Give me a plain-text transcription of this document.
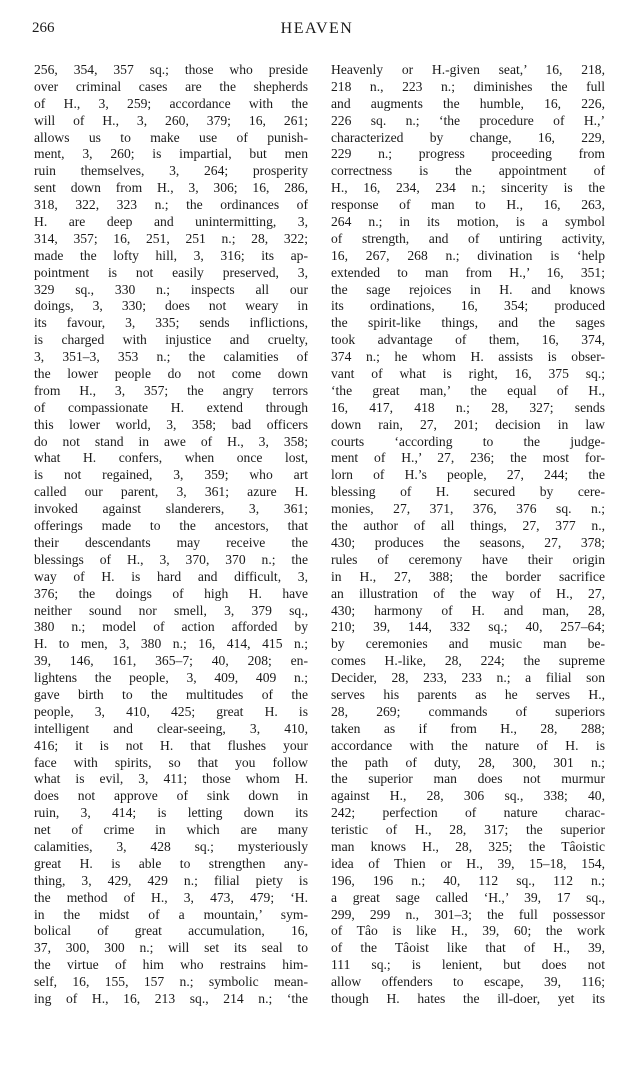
266	HEAVEN
256, 354, 357 sq.; those who preside
over criminal cases are the shepherds
of H., 3, 259; accordance with the
will of H., 3, 260, 379; 16, 261;
allows us to make use of punish-
ment, 3, 260; is impartial, but men
ruin themselves, 3, 264; prosperity
sent down from H., 3, 306; 16, 286,
318, 322, 323 n.; the ordinances of
H. are deep and unintermitting, 3,
314, 357; 16, 251, 251 n.; 28, 322;
made the lofty hill, 3, 316; its ap-
pointment is not easily preserved, 3,
329 sq., 330 n.; inspects all our
doings, 3, 330; does not weary in
its favour, 3, 335; sends inflictions,
is charged with injustice and cruelty,
3, 351–3, 353 n.; the calamities of
the lower people do not come down
from H., 3, 357; the angry terrors
of compassionate H. extend through
this lower world, 3, 358; bad officers
do not stand in awe of H., 3, 358;
what H. confers, when once lost,
is not regained, 3, 359; who art
called our parent, 3, 361; azure H.
invoked against slanderers, 3, 361;
offerings made to the ancestors, that
their descendants may receive the
blessings of H., 3, 370, 370 n.; the
way of H. is hard and difficult, 3,
376; the doings of high H. have
neither sound nor smell, 3, 379 sq.,
380 n.; model of action afforded by
H. to men, 3, 380 n.; 16, 414, 415 n.;
39, 146, 161, 365–7; 40, 208; en-
lightens the people, 3, 409, 409 n.;
gave birth to the multitudes of the
people, 3, 410, 425; great H. is
intelligent and clear-seeing, 3, 410,
416; it is not H. that flushes your
face with spirits, so that you follow
what is evil, 3, 411; those whom H.
does not approve of sink down in
ruin, 3, 414; is letting down its
net of crime in which are many
calamities, 3, 428 sq.; mysteriously
great H. is able to strengthen any-
thing, 3, 429, 429 n.; filial piety is
the method of H., 3, 473, 479; ‘H.
in the midst of a mountain,’ sym-
bolical of great accumulation, 16,
37, 300, 300 n.; will set its seal to
the virtue of him who restrains him-
self, 16, 155, 157 n.; symbolic mean-
ing of H., 16, 213 sq., 214 n.; ‘the
Heavenly or H.-given seat,’ 16, 218,
218 n., 223 n.; diminishes the full
and augments the humble, 16, 226,
226 sq. n.; ‘the procedure of H.,’
characterized by change, 16, 229,
229 n.; progress proceeding from
correctness is the appointment of
H., 16, 234, 234 n.; sincerity is the
response of man to H., 16, 263,
264 n.; in its motion, is a symbol
of strength, and of untiring activity,
16, 267, 268 n.; divination is ‘help
extended to man from H.,’ 16, 351;
the sage rejoices in H. and knows
its ordinations, 16, 354; produced
the spirit-like things, and the sages
took advantage of them, 16, 374,
374 n.; he whom H. assists is obser-
vant of what is right, 16, 375 sq.;
‘the great man,’ the equal of H.,
16, 417, 418 n.; 28, 327; sends
down rain, 27, 201; decision in law
courts ‘according to the judge-
ment of H.,’ 27, 236; the most for-
lorn of H.’s people, 27, 244; the
blessing of H. secured by cere-
monies, 27, 371, 376, 376 sq. n.;
the author of all things, 27, 377 n.,
430; produces the seasons, 27, 378;
rules of ceremony have their origin
in H., 27, 388; the border sacrifice
an illustration of the way of H., 27,
430; harmony of H. and man, 28,
210; 39, 144, 332 sq.; 40, 257–64;
by ceremonies and music man be-
comes H.-like, 28, 224; the supreme
Decider, 28, 233, 233 n.; a filial son
serves his parents as he serves H.,
28, 269; commands of superiors
taken as if from H., 28, 288;
accordance with the nature of H. is
the path of duty, 28, 300, 301 n.;
the superior man does not murmur
against H., 28, 306 sq., 338; 40,
242; perfection of nature charac-
teristic of H., 28, 317; the superior
man knows H., 28, 325; the Tâoistic
idea of Thien or H., 39, 15–18, 154,
196, 196 n.; 40, 112 sq., 112 n.;
a great sage called ‘H.,’ 39, 17 sq.,
299, 299 n., 301–3; the full possessor
of Tâo is like H., 39, 60; the work
of the Tâoist like that of H., 39,
111 sq.; is lenient, but does not
allow offenders to escape, 39, 116;
though H. hates the ill-doer, yet its
